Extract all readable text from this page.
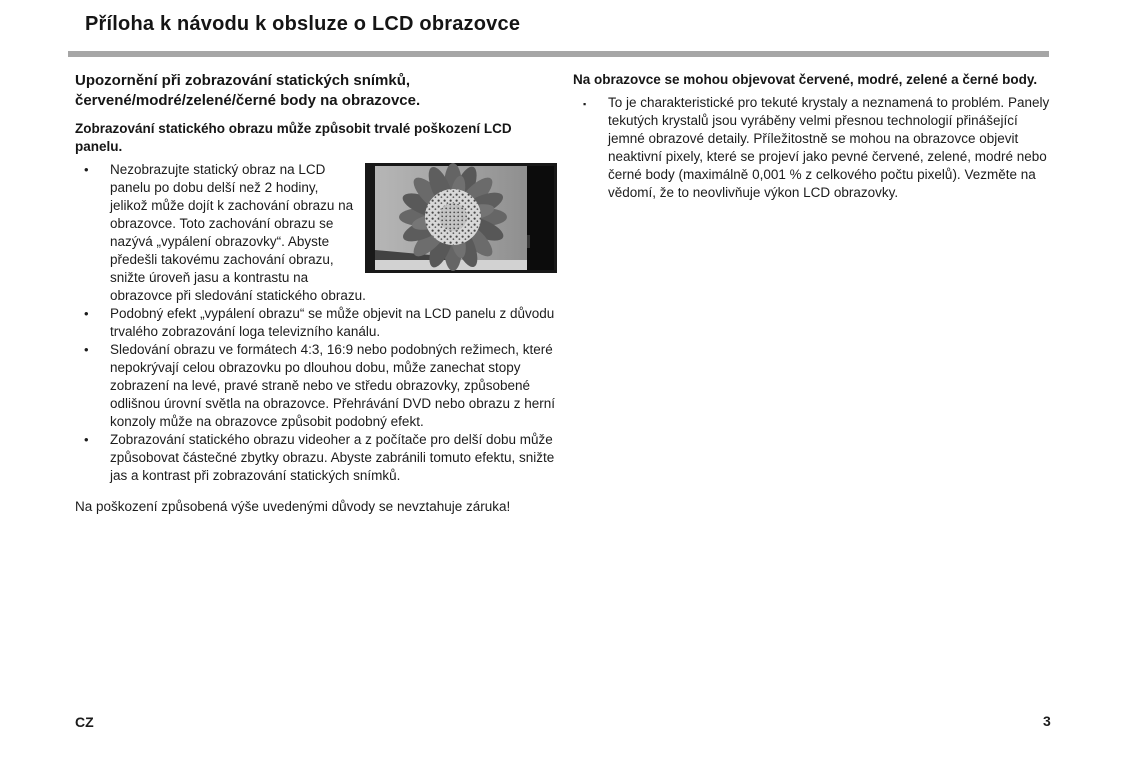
Příloha k návodu k obsluze o LCD obrazovce
Upozornění při zobrazování statických snímků, červené/modré/zelené/černé body na obrazovce.
Zobrazování statického obrazu může způsobit trvalé poškození LCD panelu.
• Nezobrazujte statický obraz na LCD panelu po dobu delší než 2 hodiny, jelikož může dojít k zachování obrazu na obrazovce. Toto zachování obrazu se nazývá „vypálení obrazovky“. Abyste předešli takovému zachování obrazu, snižte úroveň jasu a kontrastu na obrazovce při sledování statického obrazu.
• Podobný efekt „vypálení obrazu“ se může objevit na LCD panelu z důvodu trvalého zobrazování loga televizního kanálu.
• Sledování obrazu ve formátech 4:3, 16:9 nebo podobných režimech, které nepokrývají celou obrazovku po dlouhou dobu, může zanechat stopy zobrazení na levé, pravé straně nebo ve středu obrazovky, způsobené odlišnou úrovní světla na obrazovce. Přehrávání DVD nebo obrazu z herní konzoly může na obrazovce způsobit podobný efekt.
• Zobrazování statického obrazu videoher a z počítače pro delší dobu může způsobovat částečné zbytky obrazu. Abyste zabránili tomuto efektu, snižte jas a kontrast při zobrazování statických snímků.

Na poškození způsobená výše uvedenými důvody se nevztahuje záruka!

Na obrazovce se mohou objevovat červené, modré, zelené a černé body.
▪ To je charakteristické pro tekuté krystaly a neznamená to problém. Panely tekutých krystalů jsou vyráběny velmi přesnou technologií přinášející jemné obrazové detaily. Příležitostně se mohou na obrazovce objevit neaktivní pixely, které se projeví jako pevné červené, zelené, modré nebo černé body (maximálně 0,001 % z celkového počtu pixelů). Vezměte na vědomí, že to neovlivňuje výkon LCD obrazovky.
CZ	3
